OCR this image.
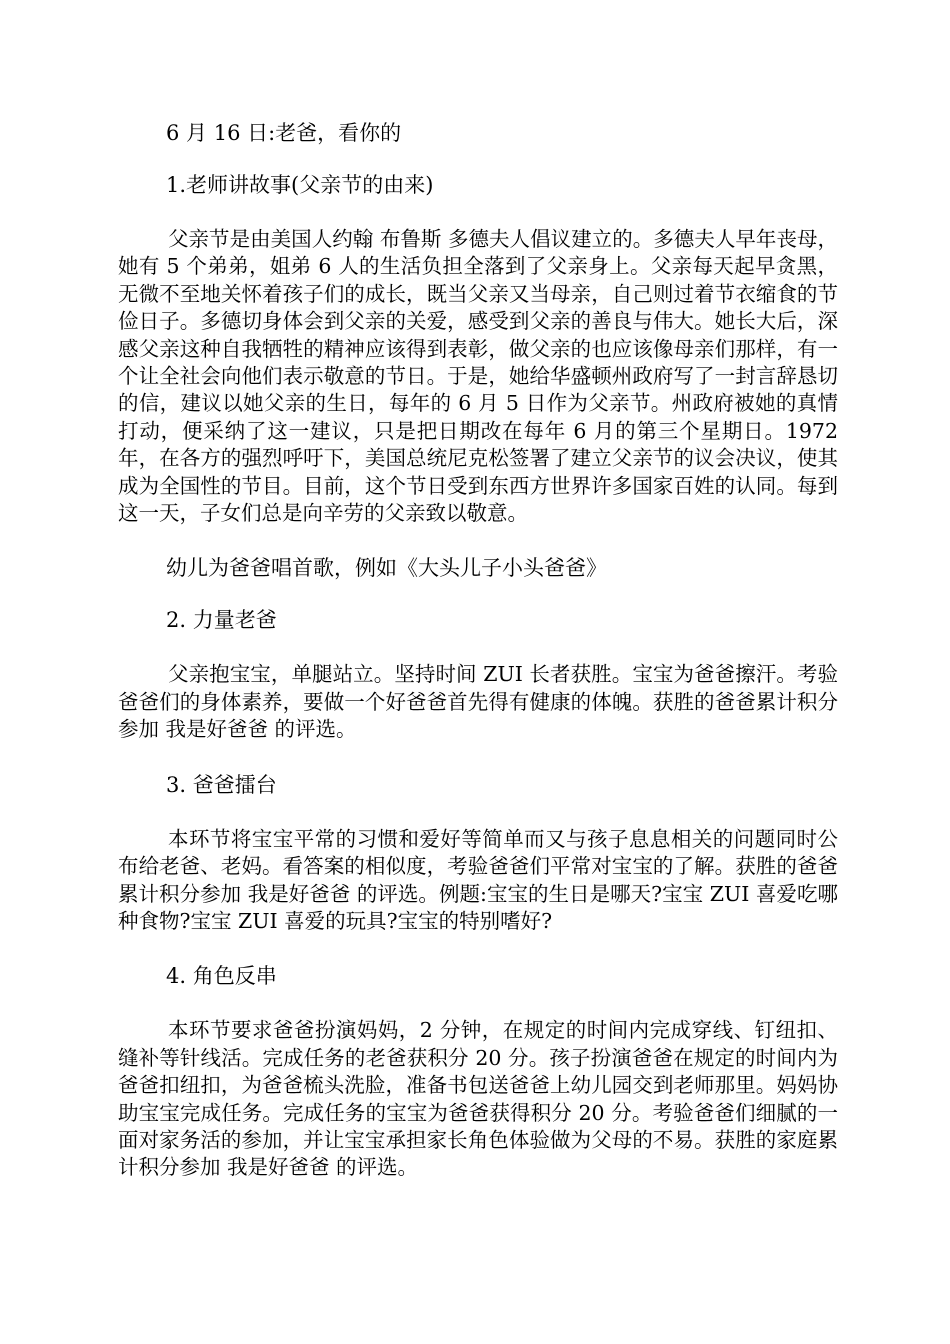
6 月 16 日:老爸，看你的

1.老师讲故事(父亲节的由来)

父亲节是由美国人约翰 布鲁斯 多德夫人倡议建立的。多德夫人早年丧母，她有 5 个弟弟，姐弟 6 人的生活负担全落到了父亲身上。父亲每天起早贪黑，无微不至地关怀着孩子们的成长，既当父亲又当母亲，自己则过着节衣缩食的节俭日子。多德切身体会到父亲的关爱，感受到父亲的善良与伟大。她长大后，深感父亲这种自我牺牲的精神应该得到表彰，做父亲的也应该像母亲们那样，有一个让全社会向他们表示敬意的节日。于是，她给华盛顿州政府写了一封言辞恳切的信，建议以她父亲的生日，每年的 6 月 5 日作为父亲节。州政府被她的真情打动，便采纳了这一建议，只是把日期改在每年 6 月的第三个星期日。1972 年，在各方的强烈呼吁下，美国总统尼克松签署了建立父亲节的议会决议，使其成为全国性的节目。目前，这个节日受到东西方世界许多国家百姓的认同。每到这一天，子女们总是向辛劳的父亲致以敬意。

幼儿为爸爸唱首歌，例如《大头儿子小头爸爸》

2. 力量老爸

父亲抱宝宝，单腿站立。坚持时间 ZUI 长者获胜。宝宝为爸爸擦汗。考验爸爸们的身体素养，要做一个好爸爸首先得有健康的体魄。获胜的爸爸累计积分参加 我是好爸爸 的评选。

3. 爸爸擂台

本环节将宝宝平常的习惯和爱好等简单而又与孩子息息相关的问题同时公布给老爸、老妈。看答案的相似度，考验爸爸们平常对宝宝的了解。获胜的爸爸累计积分参加 我是好爸爸 的评选。例题:宝宝的生日是哪天?宝宝 ZUI 喜爱吃哪种食物?宝宝 ZUI 喜爱的玩具?宝宝的特别嗜好?

4. 角色反串

本环节要求爸爸扮演妈妈，2 分钟，在规定的时间内完成穿线、钉纽扣、缝补等针线活。完成任务的老爸获积分 20 分。孩子扮演爸爸在规定的时间内为爸爸扣纽扣，为爸爸梳头洗脸，准备书包送爸爸上幼儿园交到老师那里。妈妈协助宝宝完成任务。完成任务的宝宝为爸爸获得积分 20 分。考验爸爸们细腻的一面对家务活的参加，并让宝宝承担家长角色体验做为父母的不易。获胜的家庭累计积分参加 我是好爸爸 的评选。
